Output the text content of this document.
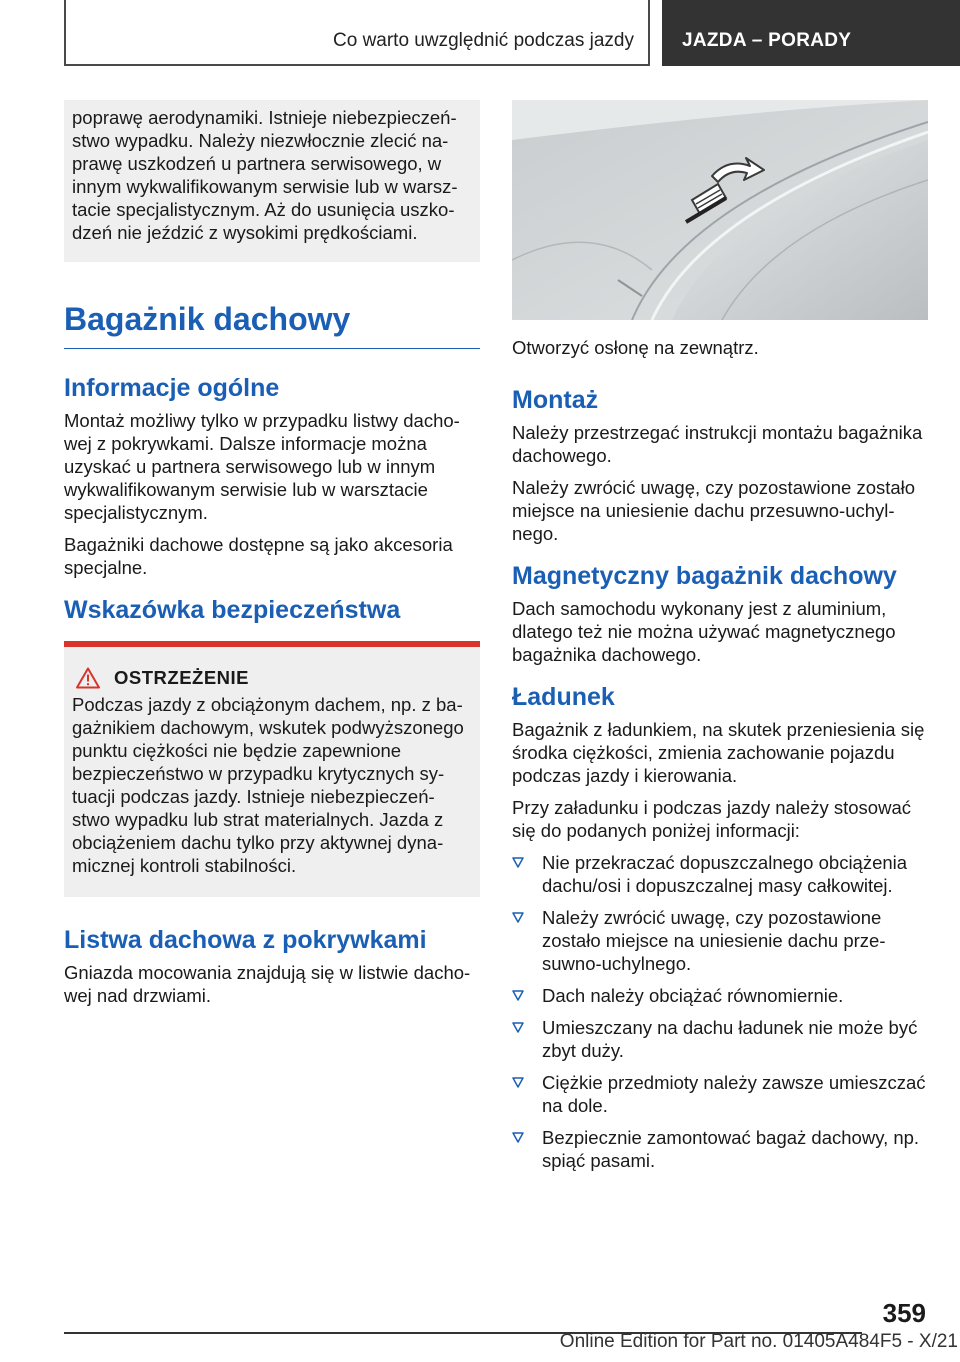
Co warto uwzględnić podczas jazdy	JAZDA – PORADY
poprawę aerodynamiki. Istnieje niebezpieczeństwo wypadku. Należy niezwłocznie zlecić naprawę uszkodzeń u partnera serwisowego, w innym wykwalifikowanym serwisie lub w warsztacie specjalistycznym. Aż do usunięcia uszkodzeń nie jeździć z wysokimi prędkościami.
Bagażnik dachowy
Informacje ogólne
Montaż możliwy tylko w przypadku listwy dachowej z pokrywkami. Dalsze informacje można uzyskać u partnera serwisowego lub w innym wykwalifikowanym serwisie lub w warsztacie specjalistycznym.
Bagażniki dachowe dostępne są jako akcesoria specjalne.
Wskazówka bezpieczeństwa
OSTRZEŻENIE
Podczas jazdy z obciążonym dachem, np. z bagażnikiem dachowym, wskutek podwyższonego punktu ciężkości nie będzie zapewnione bezpieczeństwo w przypadku krytycznych sytuacji podczas jazdy. Istnieje niebezpieczeństwo wypadku lub strat materialnych. Jazda z obciążeniem dachu tylko przy aktywnej dynamicznej kontroli stabilności.
Listwa dachowa z pokrywkami
Gniazda mocowania znajdują się w listwie dachowej nad drzwiami.
Otworzyć osłonę na zewnątrz.
Montaż
Należy przestrzegać instrukcji montażu bagażnika dachowego.
Należy zwrócić uwagę, czy pozostawione zostało miejsce na uniesienie dachu przesuwno-uchylnego.
Magnetyczny bagażnik dachowy
Dach samochodu wykonany jest z aluminium, dlatego też nie można używać magnetycznego bagażnika dachowego.
Ładunek
Bagażnik z ładunkiem, na skutek przeniesienia się środka ciężkości, zmienia zachowanie pojazdu podczas jazdy i kierowania.
Przy załadunku i podczas jazdy należy stosować się do podanych poniżej informacji:
Nie przekraczać dopuszczalnego obciążenia dachu/osi i dopuszczalnej masy całkowitej.
Należy zwrócić uwagę, czy pozostawione zostało miejsce na uniesienie dachu przesuwno-uchylnego.
Dach należy obciążać równomiernie.
Umieszczany na dachu ładunek nie może być zbyt duży.
Ciężkie przedmioty należy zawsze umieszczać na dole.
Bezpiecznie zamontować bagaż dachowy, np. spiąć pasami.
359
Online Edition for Part no. 01405A484F5 - X/21
